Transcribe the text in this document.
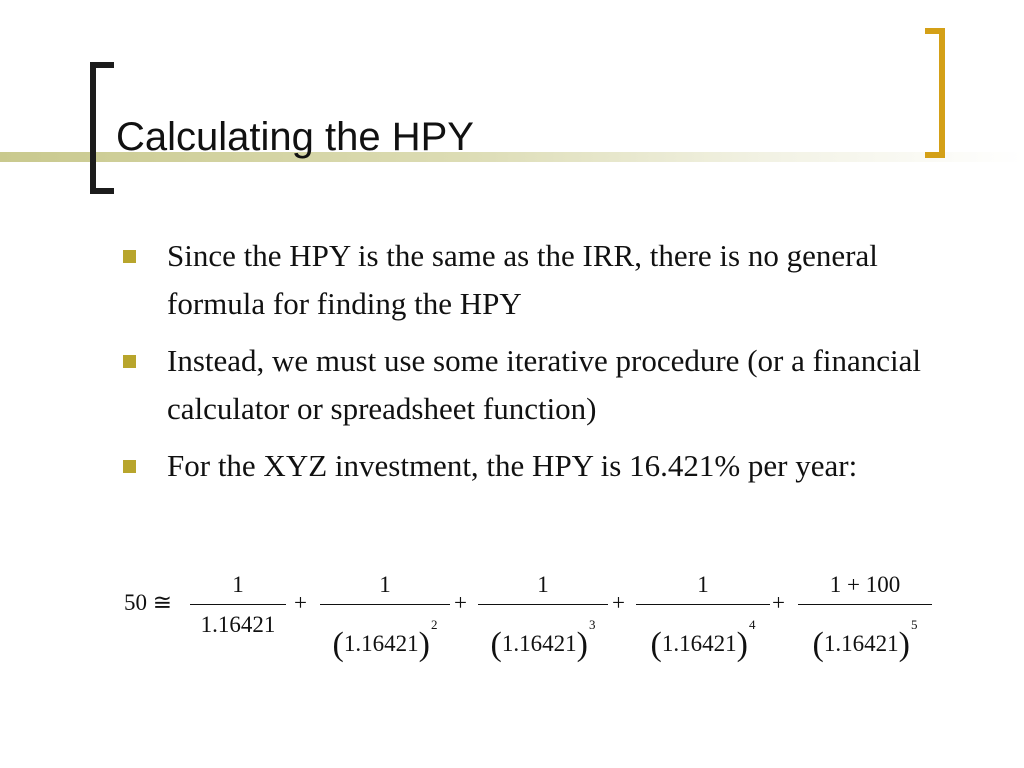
Calculating the HPY
Since the HPY is the same as the IRR, there is no general formula for finding the HPY
Instead, we must use some iterative procedure (or a financial calculator or spreadsheet function)
For the XYZ investment, the HPY is 16.421% per year:
50 ≅
1
1.16421
+
1
$(1.16421)^2$
+
1
$(1.16421)^3$
+
1
$(1.16421)^4$
+
1 + 100
$(1.16421)^5$
